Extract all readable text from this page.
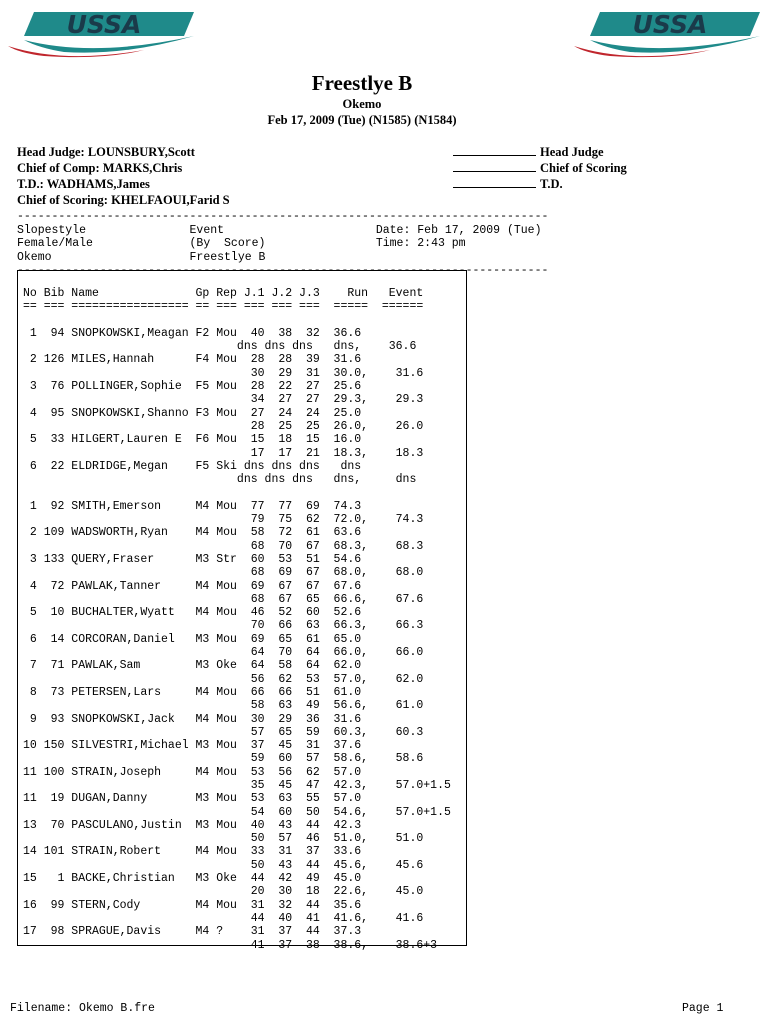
USSA	USSA
Freestlye B
Okemo
Feb 17, 2009 (Tue) (N1585) (N1584)
Head Judge: LOUNSBURY,Scott
Chief of Comp: MARKS,Chris
T.D.: WADHAMS,James
Chief of Scoring: KHELFAOUI,Farid S
Head Judge
Chief of Scoring
T.D.
-----------------------------------------------------------------------------
Slopestyle               Event                      Date: Feb 17, 2009 (Tue)
Female/Male              (By  Score)                Time: 2:43 pm
Okemo                    Freestlye B
-----------------------------------------------------------------------------
No Bib Name              Gp Rep J.1 J.2 J.3    Run   Event
== === ================= == === === === ===  =====  ======

1  94 SNOPKOWSKI,Meagan F2 Mou  40  38  32  36.6
dns dns dns   dns,    36.6
2 126 MILES,Hannah      F4 Mou  28  28  39  31.6
30  29  31  30.0,    31.6
3  76 POLLINGER,Sophie  F5 Mou  28  22  27  25.6
34  27  27  29.3,    29.3
4  95 SNOPKOWSKI,Shanno F3 Mou  27  24  24  25.0
28  25  25  26.0,    26.0
5  33 HILGERT,Lauren E  F6 Mou  15  18  15  16.0
17  17  21  18.3,    18.3
6  22 ELDRIDGE,Megan    F5 Ski dns dns dns   dns
dns dns dns   dns,     dns

1  92 SMITH,Emerson     M4 Mou  77  77  69  74.3
79  75  62  72.0,    74.3
2 109 WADSWORTH,Ryan    M4 Mou  58  72  61  63.6
68  70  67  68.3,    68.3
3 133 QUERY,Fraser      M3 Str  60  53  51  54.6
68  69  67  68.0,    68.0
4  72 PAWLAK,Tanner     M4 Mou  69  67  67  67.6
68  67  65  66.6,    67.6
5  10 BUCHALTER,Wyatt   M4 Mou  46  52  60  52.6
70  66  63  66.3,    66.3
6  14 CORCORAN,Daniel   M3 Mou  69  65  61  65.0
64  70  64  66.0,    66.0
7  71 PAWLAK,Sam        M3 Oke  64  58  64  62.0
56  62  53  57.0,    62.0
8  73 PETERSEN,Lars     M4 Mou  66  66  51  61.0
58  63  49  56.6,    61.0
9  93 SNOPKOWSKI,Jack   M4 Mou  30  29  36  31.6
57  65  59  60.3,    60.3
10 150 SILVESTRI,Michael M3 Mou  37  45  31  37.6
59  60  57  58.6,    58.6
11 100 STRAIN,Joseph     M4 Mou  53  56  62  57.0
35  45  47  42.3,    57.0+1.5
11  19 DUGAN,Danny       M3 Mou  53  63  55  57.0
54  60  50  54.6,    57.0+1.5
13  70 PASCULANO,Justin  M3 Mou  40  43  44  42.3
50  57  46  51.0,    51.0
14 101 STRAIN,Robert     M4 Mou  33  31  37  33.6
50  43  44  45.6,    45.6
15   1 BACKE,Christian   M3 Oke  44  42  49  45.0
20  30  18  22.6,    45.0
16  99 STERN,Cody        M4 Mou  31  32  44  35.6
44  40  41  41.6,    41.6
17  98 SPRAGUE,Davis     M4 ?    31  37  44  37.3
41  37  38  38.6,    38.6+3
Filename: Okemo B.fre	Page 1
